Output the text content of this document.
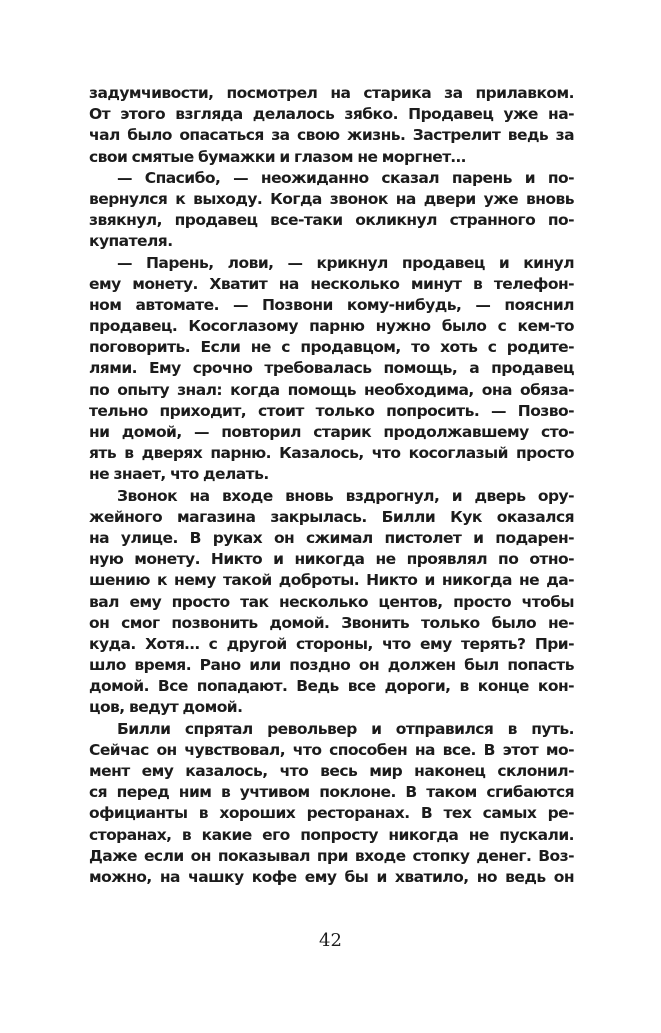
задумчивости, посмотрел на старика за прилавком.
От этого взгляда делалось зябко. Продавец уже на-
чал было опасаться за свою жизнь. Застрелит ведь за
свои смятые бумажки и глазом не моргнет…
— Спасибо, — неожиданно сказал парень и по-
вернулся к выходу. Когда звонок на двери уже вновь
звякнул, продавец все-таки окликнул странного по-
купателя.
— Парень, лови, — крикнул продавец и кинул
ему монету. Хватит на несколько минут в телефон-
ном автомате. — Позвони кому-нибудь, — пояснил
продавец. Косоглазому парню нужно было с кем-то
поговорить. Если не с продавцом, то хоть с родите-
лями. Ему срочно требовалась помощь, а продавец
по опыту знал: когда помощь необходима, она обяза-
тельно приходит, стоит только попросить. — Позво-
ни домой, — повторил старик продолжавшему сто-
ять в дверях парню. Казалось, что косоглазый просто
не знает, что делать.
Звонок на входе вновь вздрогнул, и дверь ору-
жейного магазина закрылась. Билли Кук оказался
на улице. В руках он сжимал пистолет и подарен-
ную монету. Никто и никогда не проявлял по отно-
шению к нему такой доброты. Никто и никогда не да-
вал ему просто так несколько центов, просто чтобы
он смог позвонить домой. Звонить только было не-
куда. Хотя… с другой стороны, что ему терять? При-
шло время. Рано или поздно он должен был попасть
домой. Все попадают. Ведь все дороги, в конце кон-
цов, ведут домой.
Билли спрятал револьвер и отправился в путь.
Сейчас он чувствовал, что способен на все. В этот мо-
мент ему казалось, что весь мир наконец склонил-
ся перед ним в учтивом поклоне. В таком сгибаются
официанты в хороших ресторанах. В тех самых ре-
сторанах, в какие его попросту никогда не пускали.
Даже если он показывал при входе стопку денег. Воз-
можно, на чашку кофе ему бы и хватило, но ведь он
42
